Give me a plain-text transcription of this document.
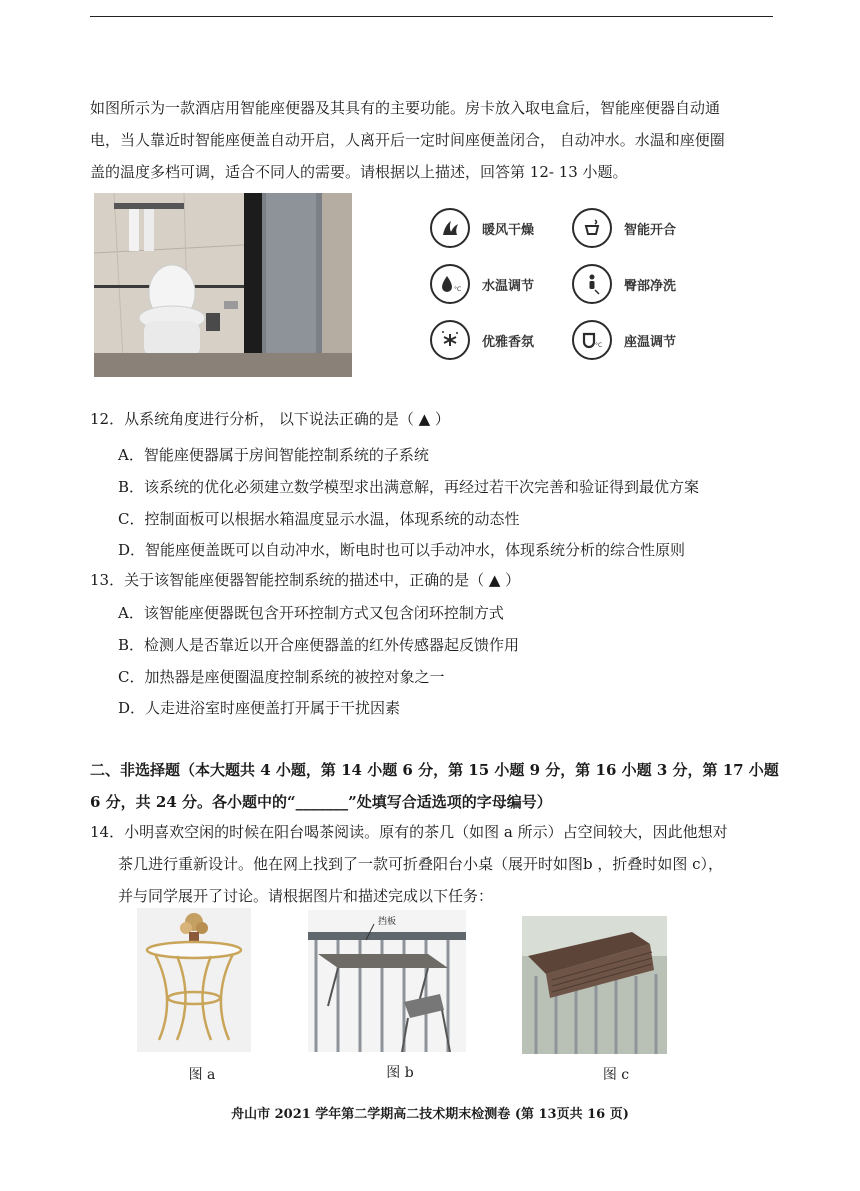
如图所示为一款酒店用智能座便器及其具有的主要功能。房卡放入取电盒后，智能座便器自动通
电，当人靠近时智能座便盖自动开启，人离开后一定时间座便盖闭合， 自动冲水。水温和座便圈
盖的温度多档可调，适合不同人的需要。请根据以上描述，回答第 12- 13 小题。
暖风干燥	智能开合
°C 水温调节	臀部净洗
优雅香氛	°C 座温调节
12．从系统角度进行分析， 以下说法正确的是（ ▲ ）
A．智能座便器属于房间智能控制系统的子系统
B．该系统的优化必须建立数学模型求出满意解，再经过若干次完善和验证得到最优方案
C．控制面板可以根据水箱温度显示水温，体现系统的动态性
D．智能座便盖既可以自动冲水，断电时也可以手动冲水，体现系统分析的综合性原则
13．关于该智能座便器智能控制系统的描述中，正确的是（ ▲ ）
A．该智能座便器既包含开环控制方式又包含闭环控制方式
B．检测人是否靠近以开合座便器盖的红外传感器起反馈作用
C．加热器是座便圈温度控制系统的被控对象之一
D．人走进浴室时座便盖打开属于干扰因素
二、非选择题（本大题共 4 小题，第 14 小题 6 分，第 15 小题 9 分，第 16 小题 3 分，第 17 小题
6 分，共 24 分。各小题中的“_______”处填写合适选项的字母编号）
14．小明喜欢空闲的时候在阳台喝茶阅读。原有的茶几（如图 a 所示）占空间较大，因此他想对
茶几进行重新设计。他在网上找到了一款可折叠阳台小桌（展开时如图b ，折叠时如图 c），
并与同学展开了讨论。请根据图片和描述完成以下任务：
挡板
图 a	图 b	图 c
舟山市 2021 学年第二学期高二技术期末检测卷 (第 13页共 16 页)
